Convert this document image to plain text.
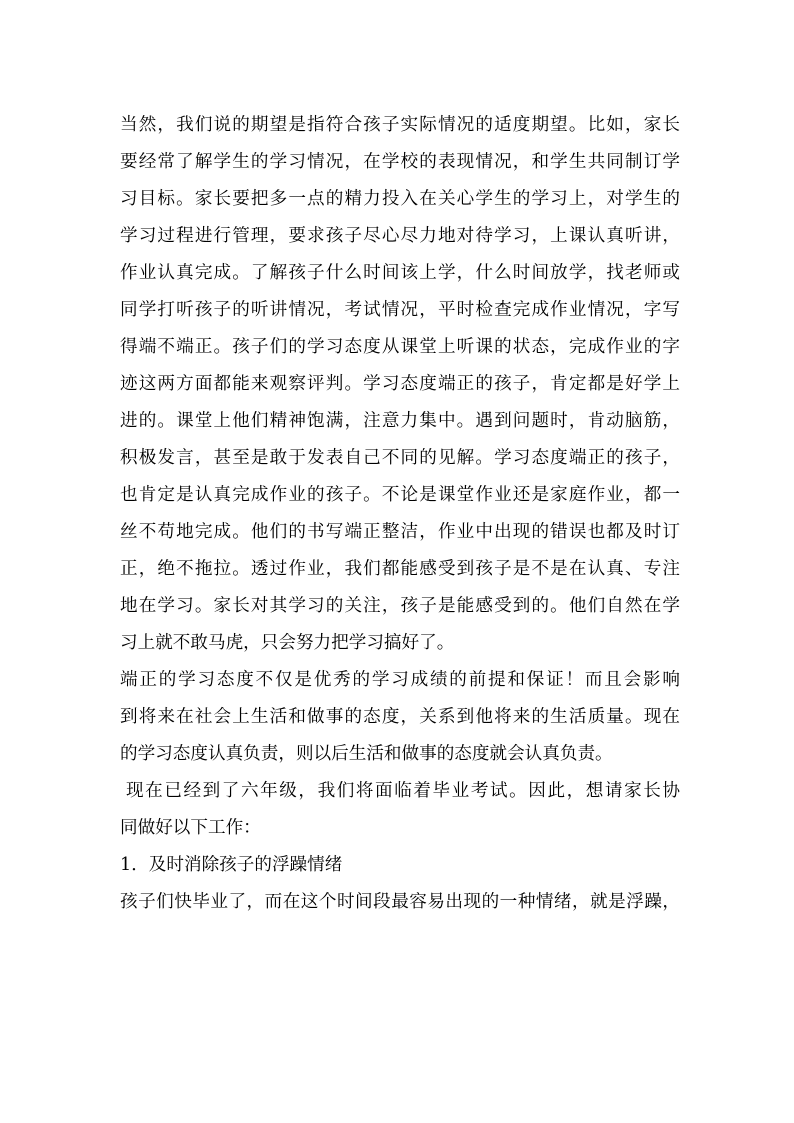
当然，我们说的期望是指符合孩子实际情况的适度期望。比如，家长
要经常了解学生的学习情况，在学校的表现情况，和学生共同制订学
习目标。家长要把多一点的精力投入在关心学生的学习上，对学生的
学习过程进行管理，要求孩子尽心尽力地对待学习，上课认真听讲，
作业认真完成。了解孩子什么时间该上学，什么时间放学，找老师或
同学打听孩子的听讲情况，考试情况，平时检查完成作业情况，字写
得端不端正。孩子们的学习态度从课堂上听课的状态，完成作业的字
迹这两方面都能来观察评判。学习态度端正的孩子，肯定都是好学上
进的。课堂上他们精神饱满，注意力集中。遇到问题时，肯动脑筋，
积极发言，甚至是敢于发表自己不同的见解。学习态度端正的孩子，
也肯定是认真完成作业的孩子。不论是课堂作业还是家庭作业，都一
丝不苟地完成。他们的书写端正整洁，作业中出现的错误也都及时订
正，绝不拖拉。透过作业，我们都能感受到孩子是不是在认真、专注
地在学习。家长对其学习的关注，孩子是能感受到的。他们自然在学
习上就不敢马虎，只会努力把学习搞好了。
端正的学习态度不仅是优秀的学习成绩的前提和保证！而且会影响
到将来在社会上生活和做事的态度，关系到他将来的生活质量。现在
的学习态度认真负责，则以后生活和做事的态度就会认真负责。
现在已经到了六年级，我们将面临着毕业考试。因此，想请家长协
同做好以下工作：
1．及时消除孩子的浮躁情绪
孩子们快毕业了，而在这个时间段最容易出现的一种情绪，就是浮躁，
